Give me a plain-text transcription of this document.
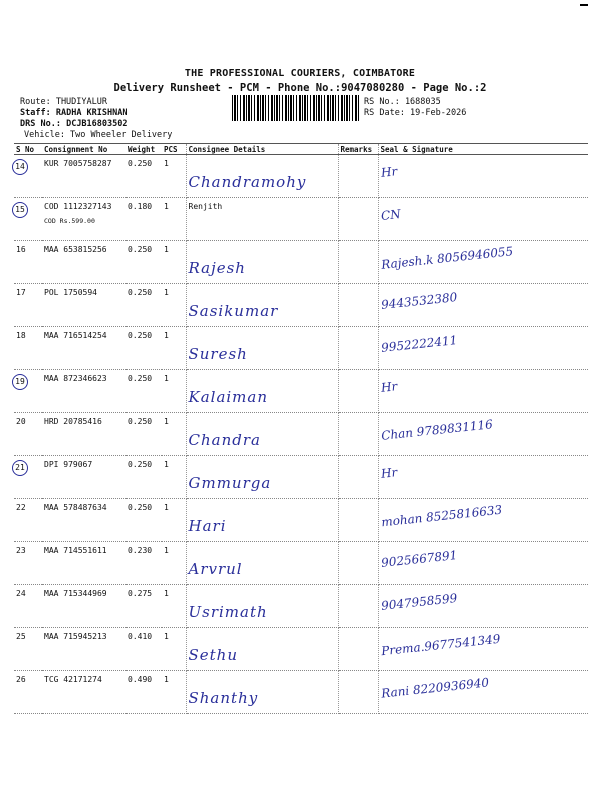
THE PROFESSIONAL COURIERS, COIMBATORE
Delivery Runsheet - PCM - Phone No.:9047080280 - Page No.:2
Route: THUDIYALUR
Staff: RADHA KRISHNAN
DRS No.: DCJB16803502
Vehicle: Two Wheeler Delivery
RS No.: 1688035
RS Date: 19-Feb-2026
S No	Consignment No	Weight	PCS	Consignee Details	Remarks	Seal & Signature
14	KUR 7005758287	0.250	1	Chandramohy		Hr
15	COD 1112327143
COD Rs.599.00	0.180	1	Renjith		CN
16	MAA 653815256	0.250	1	Rajesh		Rajesh.k 8056946055
17	POL 1750594	0.250	1	Sasikumar		9443532380
18	MAA 716514254	0.250	1	Suresh		9952222411
19	MAA 872346623	0.250	1	Kalaiman		Hr
20	HRD 20785416	0.250	1	Chandra		Chan 9789831116
21	DPI 979067	0.250	1	Gmmurga		Hr
22	MAA 578487634	0.250	1	Hari		mohan 8525816633
23	MAA 714551611	0.230	1	Arvrul		9025667891
24	MAA 715344969	0.275	1	Usrimath		9047958599
25	MAA 715945213	0.410	1	Sethu		Prema.9677541349
26	TCG 42171274	0.490	1	Shanthy		Rani 8220936940
